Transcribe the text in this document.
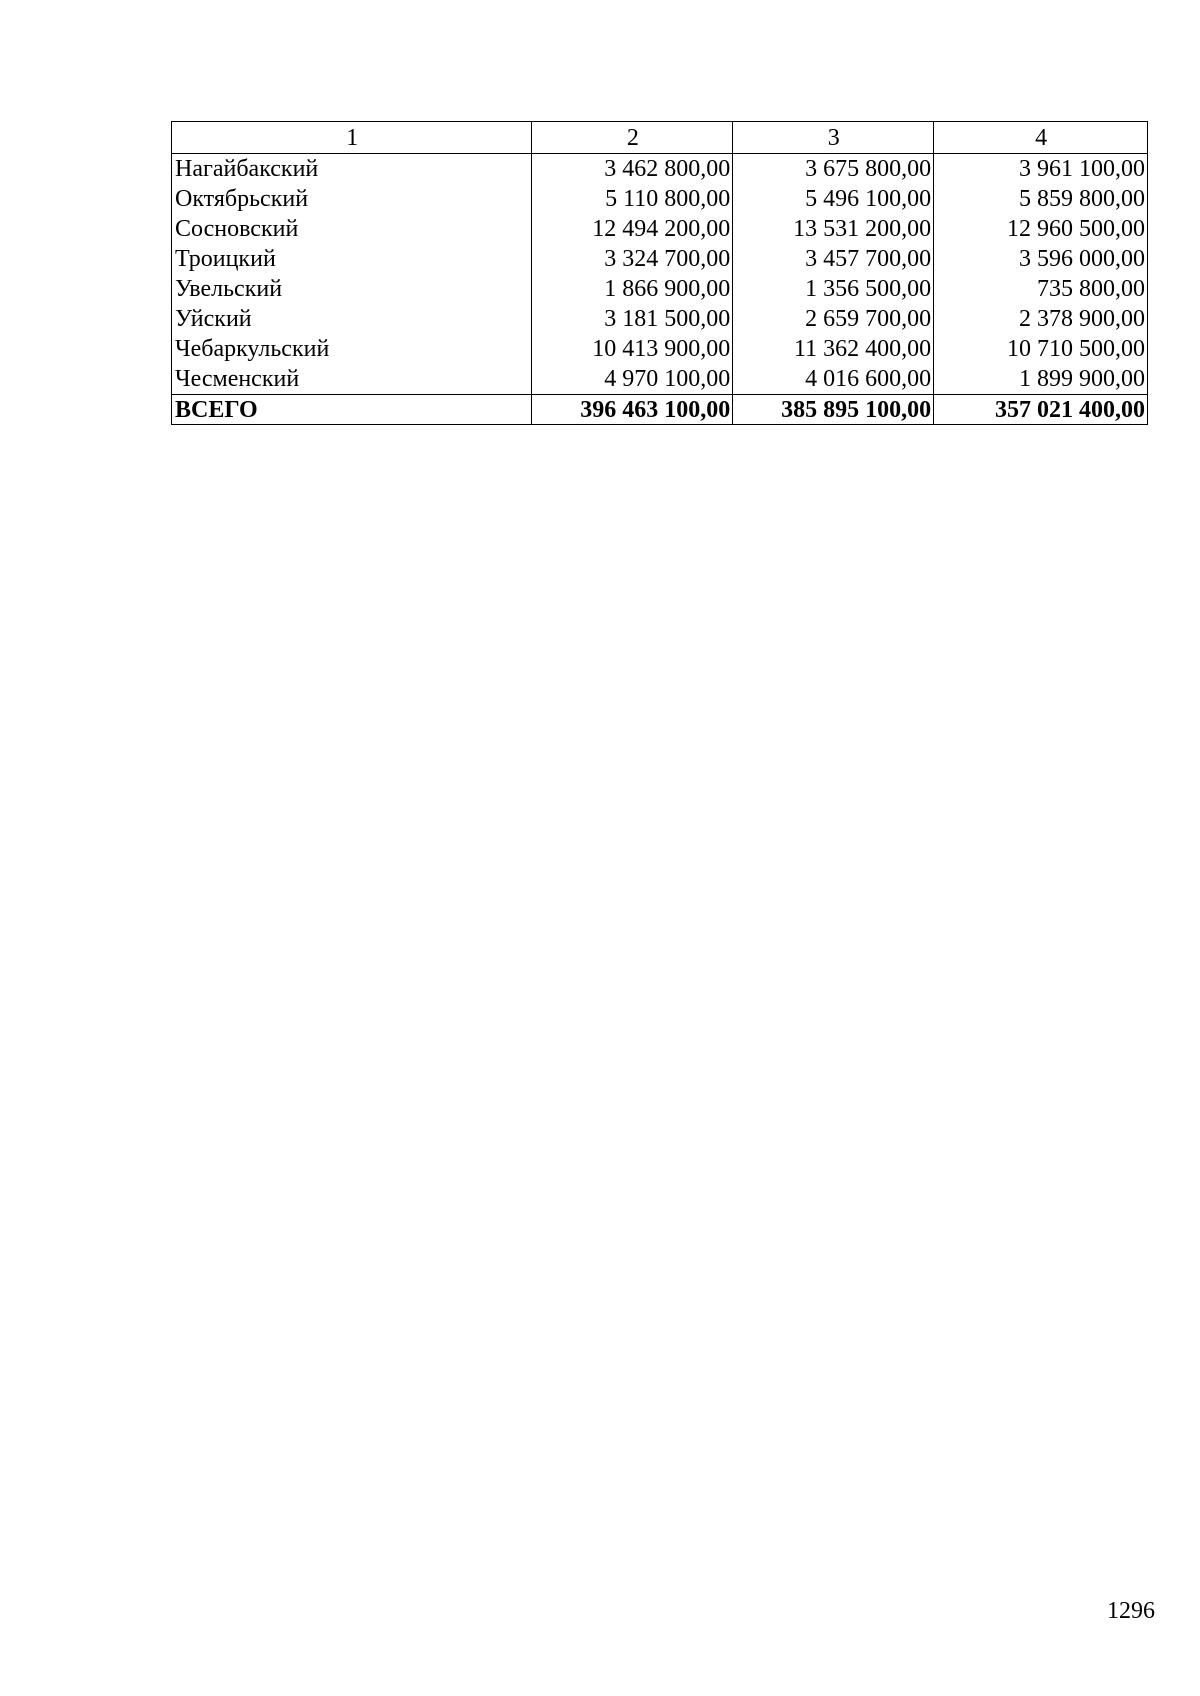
1	2	3	4
Нагайбакский	3 462 800,00	3 675 800,00	3 961 100,00
Октябрьский	5 110 800,00	5 496 100,00	5 859 800,00
Сосновский	12 494 200,00	13 531 200,00	12 960 500,00
Троицкий	3 324 700,00	3 457 700,00	3 596 000,00
Увельский	1 866 900,00	1 356 500,00	735 800,00
Уйский	3 181 500,00	2 659 700,00	2 378 900,00
Чебаркульский	10 413 900,00	11 362 400,00	10 710 500,00
Чесменский	4 970 100,00	4 016 600,00	1 899 900,00
ВСЕГО	396 463 100,00	385 895 100,00	357 021 400,00
1296
